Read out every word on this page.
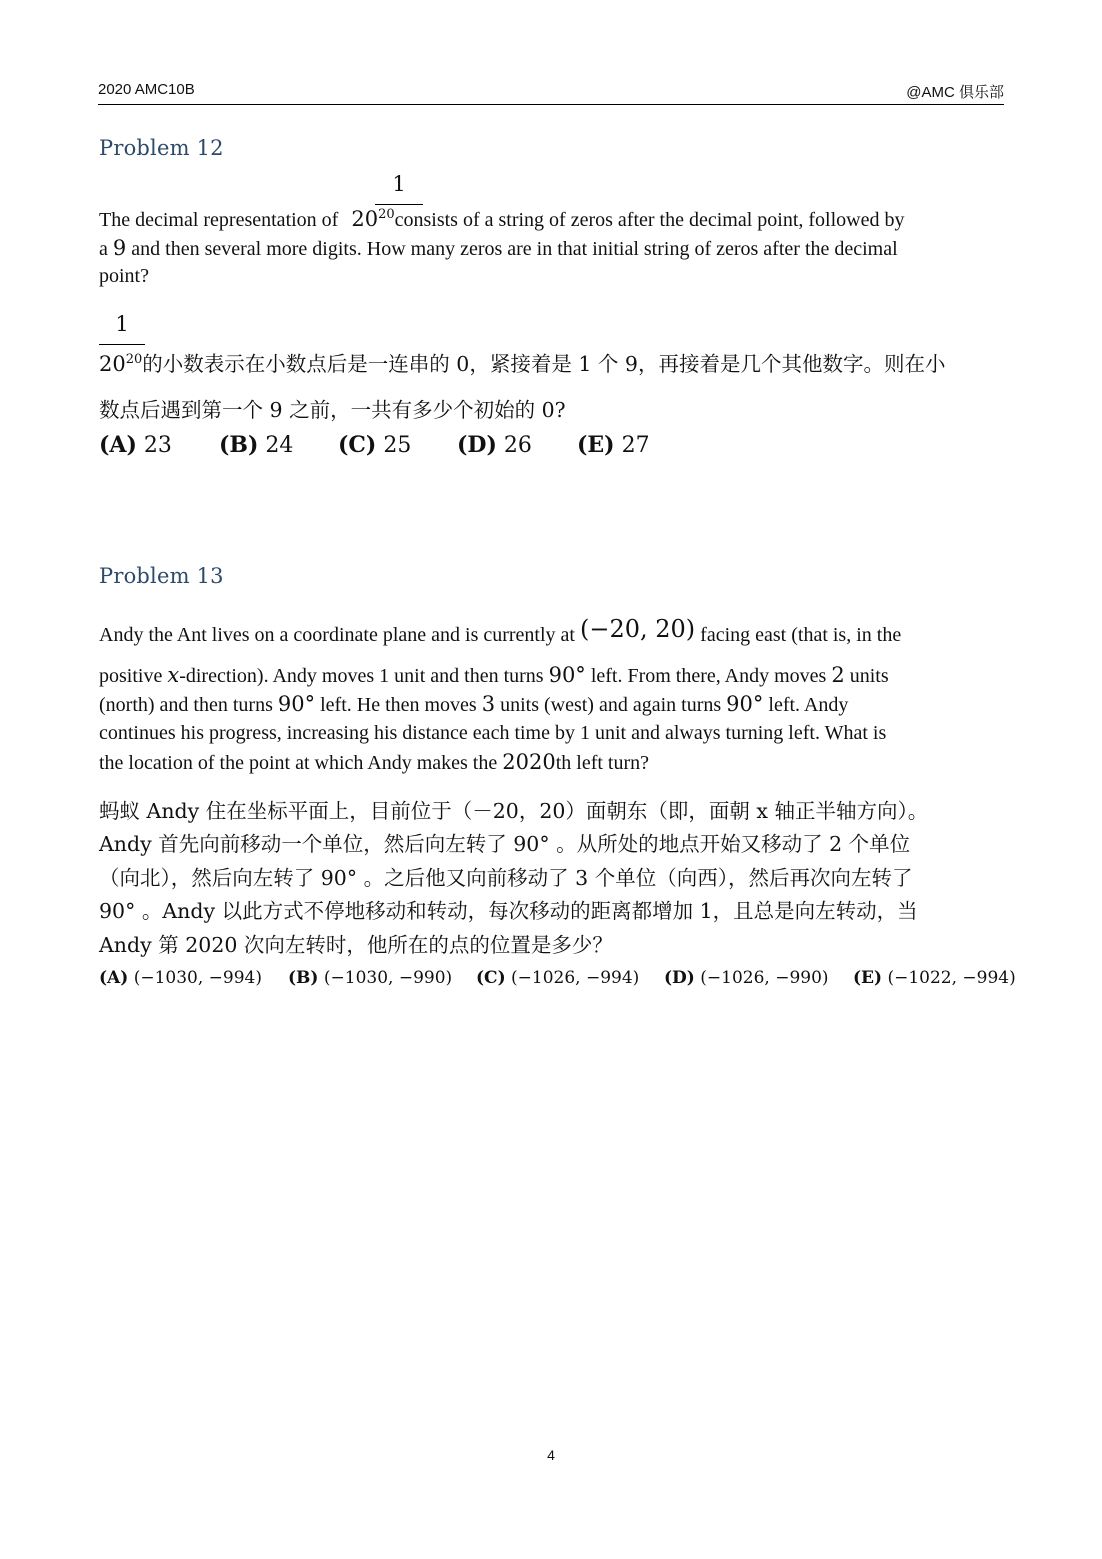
2020 AMC10B	@AMC 俱乐部
Problem 12
1
The decimal representation of $20^{20}consists$ of a string of zeros after the decimal point, followed by
a 9 and then several more digits. How many zeros are in that initial string of zeros after the decimal
point?
1
$20^{20}$的小数表示在小数点后是一连串的 0，紧接着是 1 个 9，再接着是几个其他数字。则在小
数点后遇到第一个 9 之前，一共有多少个初始的 0?
(A) 23 (B) 24 (C) 25 (D) 26 (E) 27
Problem 13
Andy the Ant lives on a coordinate plane and is currently at (−20, 20) facing east (that is, in the
positive x-direction). Andy moves 1 unit and then turns 90° left. From there, Andy moves 2 units
(north) and then turns 90° left. He then moves 3 units (west) and again turns 90° left. Andy
continues his progress, increasing his distance each time by 1 unit and always turning left. What is
the location of the point at which Andy makes the 2020th left turn?
蚂蚁 Andy 住在坐标平面上，目前位于（－20，20）面朝东（即，面朝 x 轴正半轴方向）。
Andy 首先向前移动一个单位，然后向左转了 90° 。从所处的地点开始又移动了 2 个单位
（向北），然后向左转了 90° 。之后他又向前移动了 3 个单位（向西），然后再次向左转了
90° 。Andy 以此方式不停地移动和转动，每次移动的距离都增加 1，且总是向左转动，当
Andy 第 2020 次向左转时，他所在的点的位置是多少？
(A) (−1030, −994) (B) (−1030, −990) (C) (−1026, −994) (D) (−1026, −990) (E) (−1022, −994)
4
